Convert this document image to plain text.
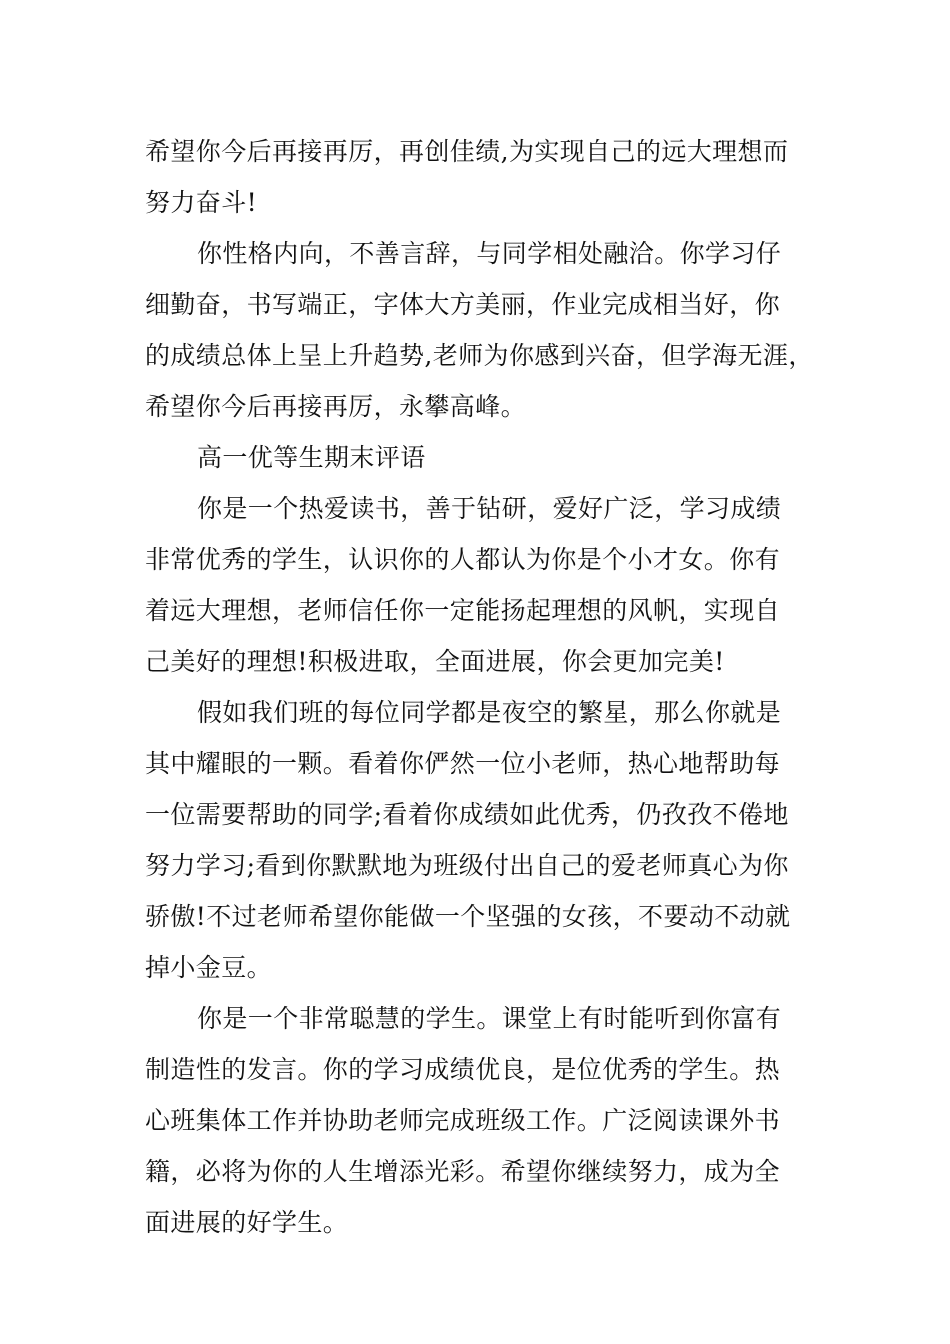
希望你今后再接再厉，再创佳绩,为实现自己的远大理想而
努力奋斗!
你性格内向，不善言辞，与同学相处融洽。你学习仔
细勤奋，书写端正，字体大方美丽，作业完成相当好，你
的成绩总体上呈上升趋势,老师为你感到兴奋，但学海无涯，
希望你今后再接再厉，永攀高峰。
高一优等生期末评语
你是一个热爱读书，善于钻研，爱好广泛，学习成绩
非常优秀的学生，认识你的人都认为你是个小才女。你有
着远大理想，老师信任你一定能扬起理想的风帆，实现自
己美好的理想!积极进取，全面进展，你会更加完美!
假如我们班的每位同学都是夜空的繁星，那么你就是
其中耀眼的一颗。看着你俨然一位小老师，热心地帮助每
一位需要帮助的同学;看着你成绩如此优秀，仍孜孜不倦地
努力学习;看到你默默地为班级付出自己的爱老师真心为你
骄傲!不过老师希望你能做一个坚强的女孩，不要动不动就
掉小金豆。
你是一个非常聪慧的学生。课堂上有时能听到你富有
制造性的发言。你的学习成绩优良，是位优秀的学生。热
心班集体工作并协助老师完成班级工作。广泛阅读课外书
籍，必将为你的人生增添光彩。希望你继续努力，成为全
面进展的好学生。
